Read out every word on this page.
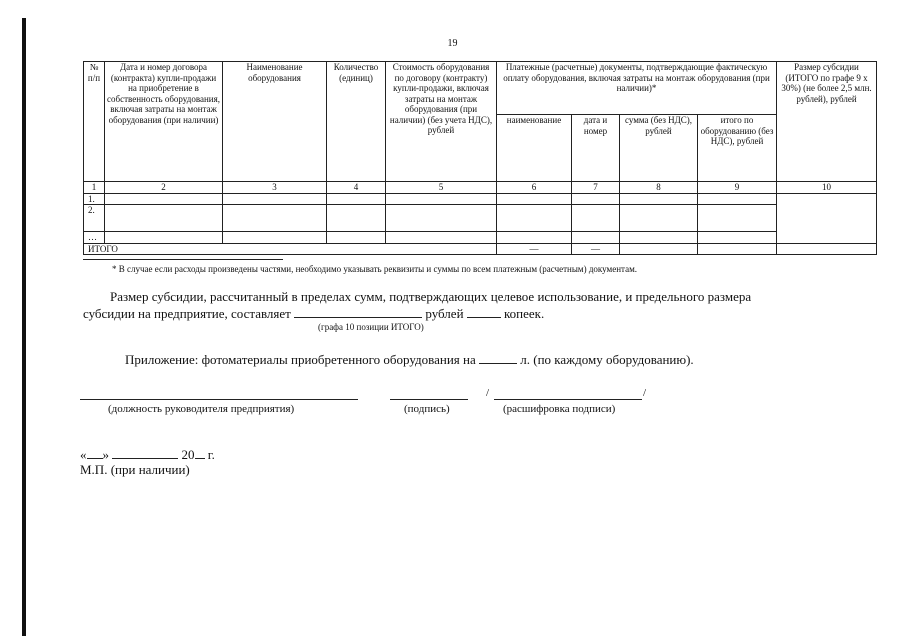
19
№ п/п	Дата и номер договора (контракта) купли-продажи на приобретение в собственность оборудования, включая затраты на монтаж оборудования (при наличии)	Наименование оборудования	Количество (единиц)	Стоимость оборудования по договору (контракту) купли-продажи, включая затраты на монтаж оборудования (при наличии) (без учета НДС), рублей	Платежные (расчетные) документы, подтверждающие фактическую оплату оборудования, включая затраты на монтаж оборудования (при наличии)*				Размер субсидии (ИТОГО по графе 9 х 30%) (не более 2,5 млн. рублей), рублей
					наименование	дата и номер	сумма (без НДС), рублей	итого по оборудованию (без НДС), рублей	
1	2	3	4	5	6	7	8	9	10
1.									
2.									
…									
ИТОГО					—	—			
* В случае если расходы произведены частями, необходимо указывать реквизиты и суммы по всем платежным (расчетным) документам.
Размер субсидии, рассчитанный в пределах сумм, подтверждающих целевое использование, и предельного размера
субсидии на предприятие, составляет	рублей	копеек.
(графа 10 позиции ИТОГО)
Приложение: фотоматериалы приобретенного оборудования на	л. (по каждому оборудованию).
/	/
(должность руководителя предприятия)	(подпись)	(расшифровка подписи)
« »	20 г.
М.П. (при наличии)
